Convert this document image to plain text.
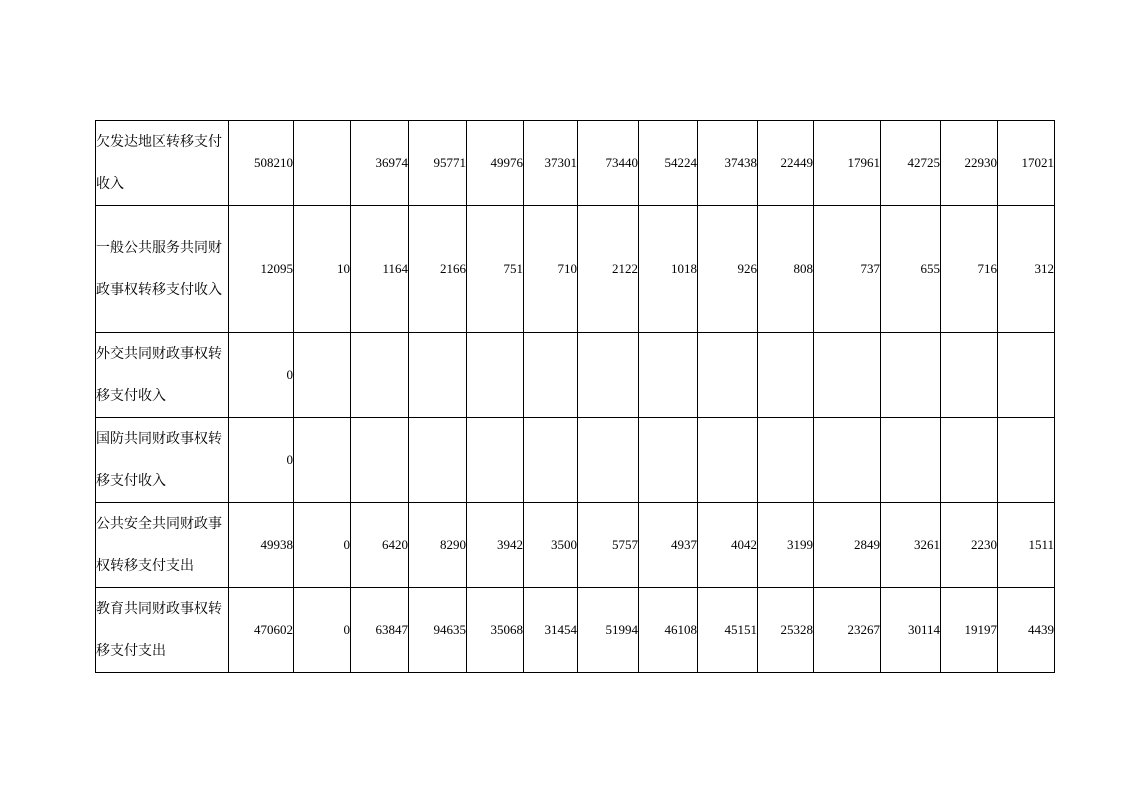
欠发达地区转移支付收入	508210		36974	95771	49976	37301	73440	54224	37438	22449	17961	42725	22930	17021
一般公共服务共同财政事权转移支付收入	12095	10	1164	2166	751	710	2122	1018	926	808	737	655	716	312
外交共同财政事权转移支付收入	0													
国防共同财政事权转移支付收入	0													
公共安全共同财政事权转移支付支出	49938	0	6420	8290	3942	3500	5757	4937	4042	3199	2849	3261	2230	1511
教育共同财政事权转移支付支出	470602	0	63847	94635	35068	31454	51994	46108	45151	25328	23267	30114	19197	4439
